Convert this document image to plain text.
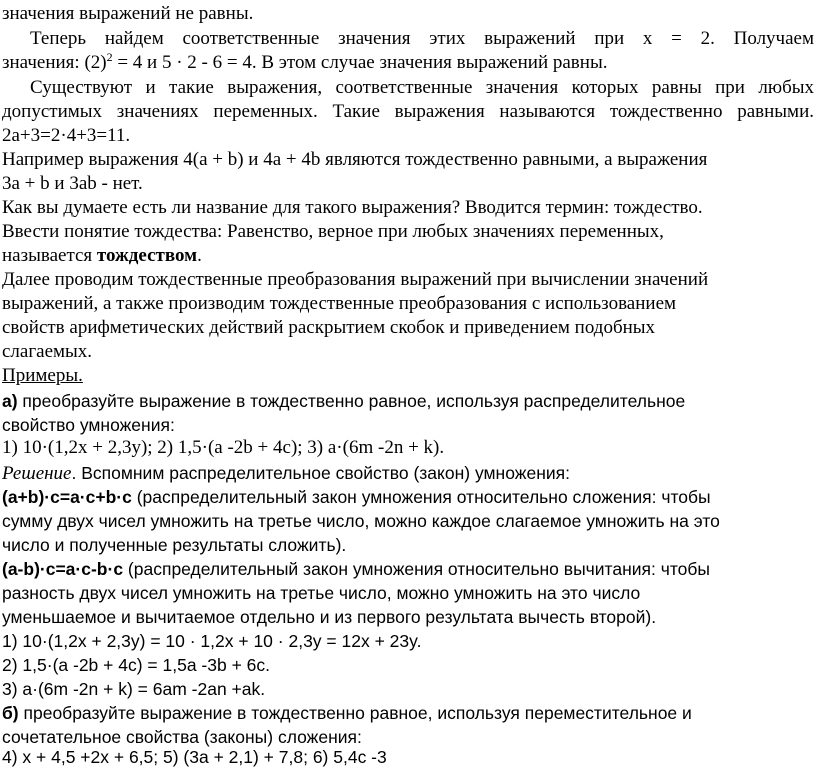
значения выражений не равны.
Теперь найдем соответственные значения этих выражений при x = 2. Получаем
значения: $(2)^2 = 4$ и 5 · 2 - 6 = 4. В этом случае значения выражений равны.
Существуют и такие выражения, соответственные значения которых равны при любых
допустимых значениях переменных. Такие выражения называются тождественно равными.
2a+3=2·4+3=11.
Например выражения 4(a + b) и 4a + 4b являются тождественно равными, а выражения
3a + b и 3ab - нет.
Как вы думаете есть ли название для такого выражения? Вводится термин: тождество.
Ввести понятие тождества: Равенство, верное при любых значениях переменных,
называется тождеством.
Далее проводим тождественные преобразования выражений при вычислении значений
выражений, а также производим тождественные преобразования с использованием
свойств арифметических действий раскрытием скобок и приведением подобных
слагаемых.
Примеры.
а) преобразуйте выражение в тождественно равное, используя распределительное
свойство умножения:
1) 10·(1,2x + 2,3y); 2) 1,5·(a -2b + 4c); 3) a·(6m -2n + k).
Решение. Вспомним распределительное свойство (закон) умножения:
(a+b)·c=a·c+b·c (распределительный закон умножения относительно сложения: чтобы
сумму двух чисел умножить на третье число, можно каждое слагаемое умножить на это
число и полученные результаты сложить).
(a-b)·c=a·c-b·c (распределительный закон умножения относительно вычитания: чтобы
разность двух чисел умножить на третье число, можно умножить на это число
уменьшаемое и вычитаемое отдельно и из первого результата вычесть второй).
1) 10·(1,2x + 2,3y) = 10 · 1,2x + 10 · 2,3y = 12x + 23y.
2) 1,5·(a -2b + 4c) = 1,5a -3b + 6c.
3) a·(6m -2n + k) = 6am -2an +ak.
б) преобразуйте выражение в тождественно равное, используя переместительное и
сочетательное свойства (законы) сложения:
4) x + 4,5 +2x + 6,5; 5) (3a + 2,1) + 7,8; 6) 5,4c -3
